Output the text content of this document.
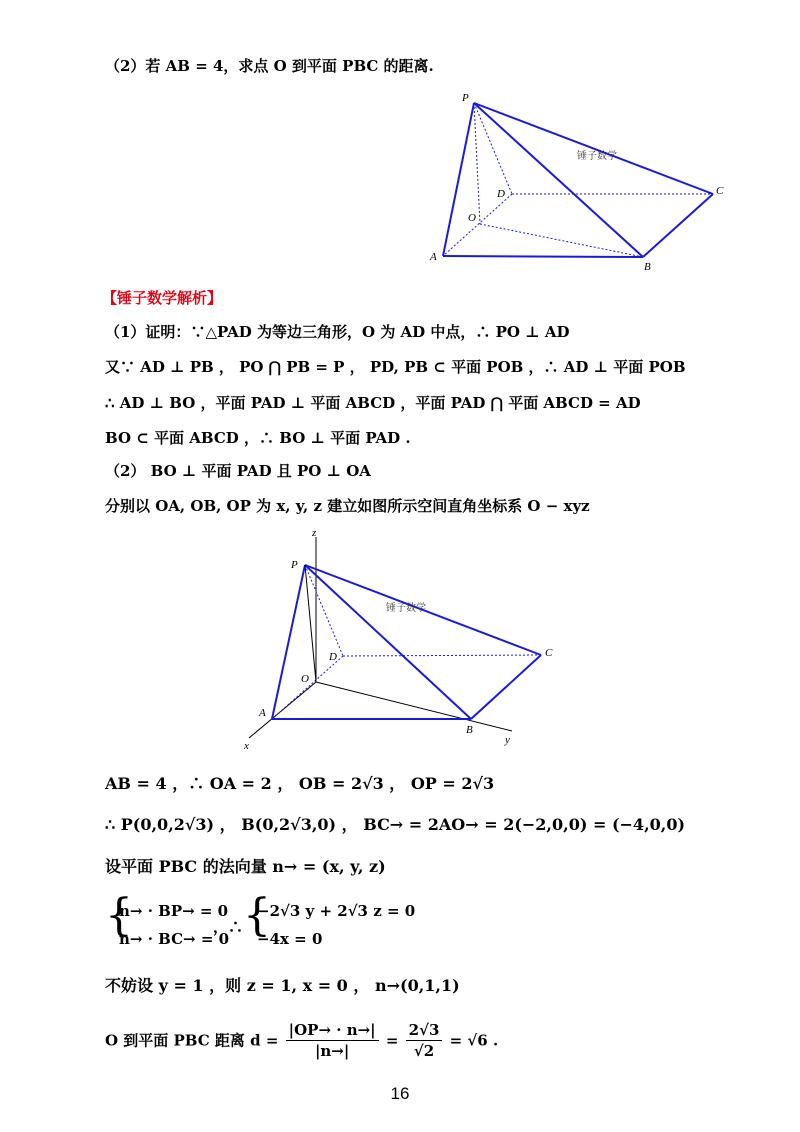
（2）若 AB = 4，求点 O 到平面 PBC 的距离.
P
D
O
A
B
C
锤子数学
【锤子数学解析】
（1）证明：∵△PAD 为等边三角形，O 为 AD 中点，∴ PO ⊥ AD
又∵ AD ⊥ PB ， PO ⋂ PB = P ， PD, PB ⊂ 平面 POB ，∴ AD ⊥ 平面 POB
∴ AD ⊥ BO ，平面 PAD ⊥ 平面 ABCD ，平面 PAD ⋂ 平面 ABCD = AD
BO ⊂ 平面 ABCD ，∴ BO ⊥ 平面 PAD .
（2） BO ⊥ 平面 PAD 且 PO ⊥ OA
分别以 OA, OB, OP 为 x, y, z 建立如图所示空间直角坐标系 O − xyz
z
P
D
O
A
B
C
x	y
锤子数学
AB = 4 ，∴ OA = 2 ， OB = 2√3 ， OP = 2√3
∴ P(0,0,2√3) ， B(0,2√3,0) ， BC→ = 2AO→ = 2(−2,0,0) = (−4,0,0)
设平面 PBC 的法向量 n→ = (x, y, z)
{
n→ · BP→ = 0
n→ · BC→ = 0
，∴ {
−2√3 y + 2√3 z = 0
−4x = 0
不妨设 y = 1 ，则 z = 1, x = 0 ， n→(0,1,1)
O 到平面 PBC 距离 $d = \frac{|OP\to \cdot n\to|}{|n\to|} = \frac{2√3}{√2} = √6$ .
16
